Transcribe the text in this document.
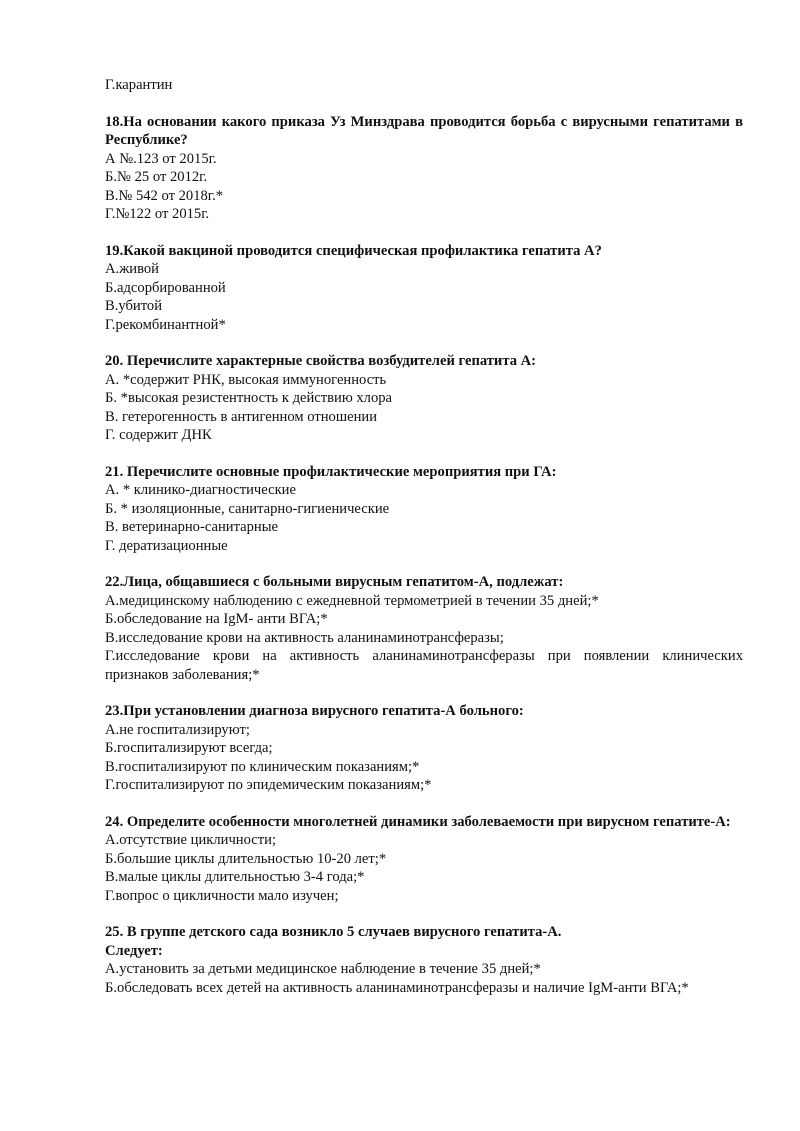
Г.карантин
18.На основании какого приказа Уз Минздрава проводится борьба с вирусными гепатитами в Республике?
А №.123 от 2015г.
Б.№ 25 от 2012г.
В.№ 542 от 2018г.*
Г.№122 от 2015г.
19.Какой вакциной проводится специфическая профилактика гепатита А?
А.живой
Б.адсорбированной
В.убитой
Г.рекомбинантной*
20. Перечислите характерные свойства возбудителей гепатита А:
А. *содержит РНК, высокая иммуногенность
Б. *высокая резистентность к действию хлора
В. гетерогенность в антигенном отношении
Г. содержит ДНК
21. Перечислите основные профилактические мероприятия при ГА:
А. * клинико-диагностические
Б. * изоляционные, санитарно-гигиенические
В. ветеринарно-санитарные
Г. дератизационные
22.Лица, общавшиеся с больными вирусным гепатитом-А, подлежат:
А.медицинскому наблюдению с ежедневной термометрией в течении 35 дней;*
Б.обследование на IgM- анти ВГА;*
В.исследование крови на активность аланинаминотрансферазы;
Г.исследование крови на активность аланинаминотрансферазы при появлении клинических признаков заболевания;*
23.При установлении диагноза вирусного гепатита-А больного:
А.не госпитализируют;
Б.госпитализируют всегда;
В.госпитализируют по клиническим показаниям;*
Г.госпитализируют по эпидемическим показаниям;*
24. Определите особенности многолетней динамики заболеваемости при вирусном гепатите-А:
А.отсутствие цикличности;
Б.большие циклы длительностью 10-20 лет;*
В.малые циклы длительностью 3-4 года;*
Г.вопрос о цикличности мало изучен;
25. В группе детского сада возникло 5 случаев вирусного гепатита-А.
Следует:
А.установить за детьми медицинское наблюдение в течение 35 дней;*
Б.обследовать всех детей на активность аланинаминотрансферазы и наличие IgM-анти ВГА;*
